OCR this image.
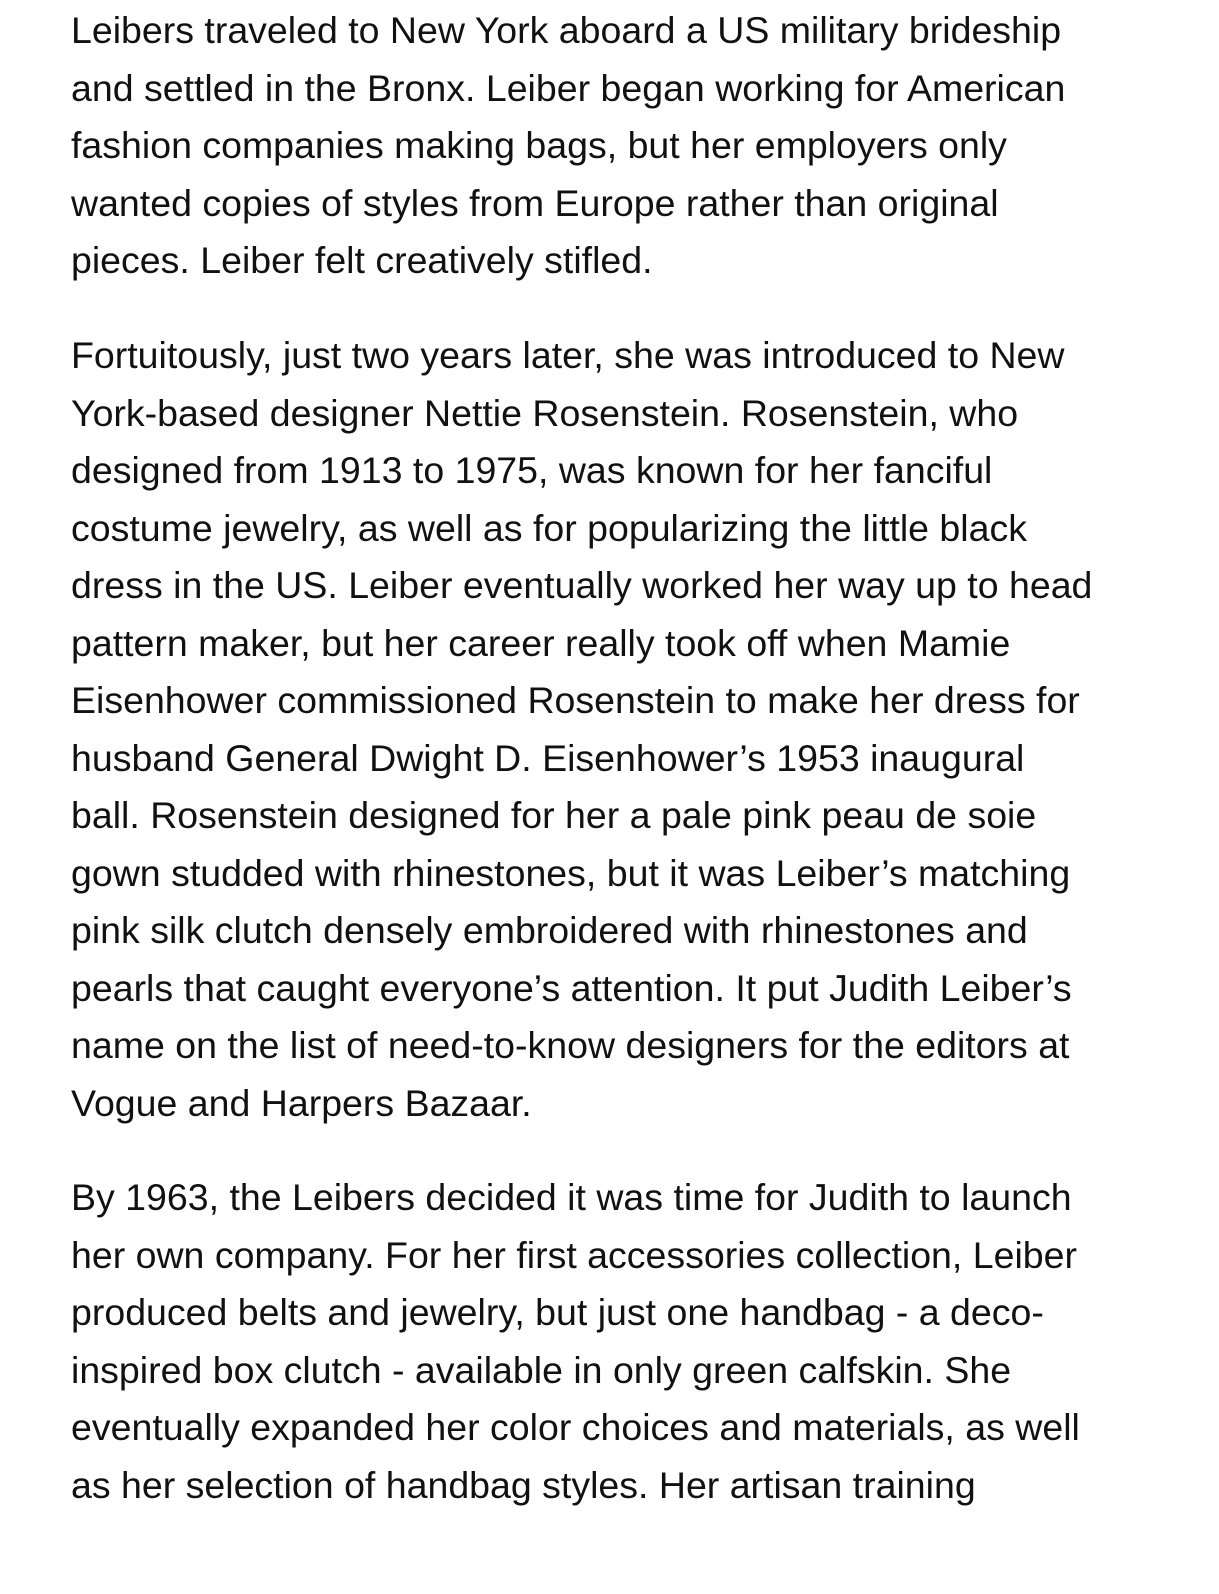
Leibers traveled to New York aboard a US military brideship
and settled in the Bronx. Leiber began working for American
fashion companies making bags, but her employers only
wanted copies of styles from Europe rather than original
pieces. Leiber felt creatively stifled.

Fortuitously, just two years later, she was introduced to New
York-based designer Nettie Rosenstein. Rosenstein, who
designed from 1913 to 1975, was known for her fanciful
costume jewelry, as well as for popularizing the little black
dress in the US. Leiber eventually worked her way up to head
pattern maker, but her career really took off when Mamie
Eisenhower commissioned Rosenstein to make her dress for
husband General Dwight D. Eisenhower’s 1953 inaugural
ball. Rosenstein designed for her a pale pink peau de soie
gown studded with rhinestones, but it was Leiber’s matching
pink silk clutch densely embroidered with rhinestones and
pearls that caught everyone’s attention. It put Judith Leiber’s
name on the list of need-to-know designers for the editors at
Vogue and Harpers Bazaar.

By 1963, the Leibers decided it was time for Judith to launch
her own company. For her first accessories collection, Leiber
produced belts and jewelry, but just one handbag - a deco-
inspired box clutch - available in only green calfskin. She
eventually expanded her color choices and materials, as well
as her selection of handbag styles. Her artisan training
